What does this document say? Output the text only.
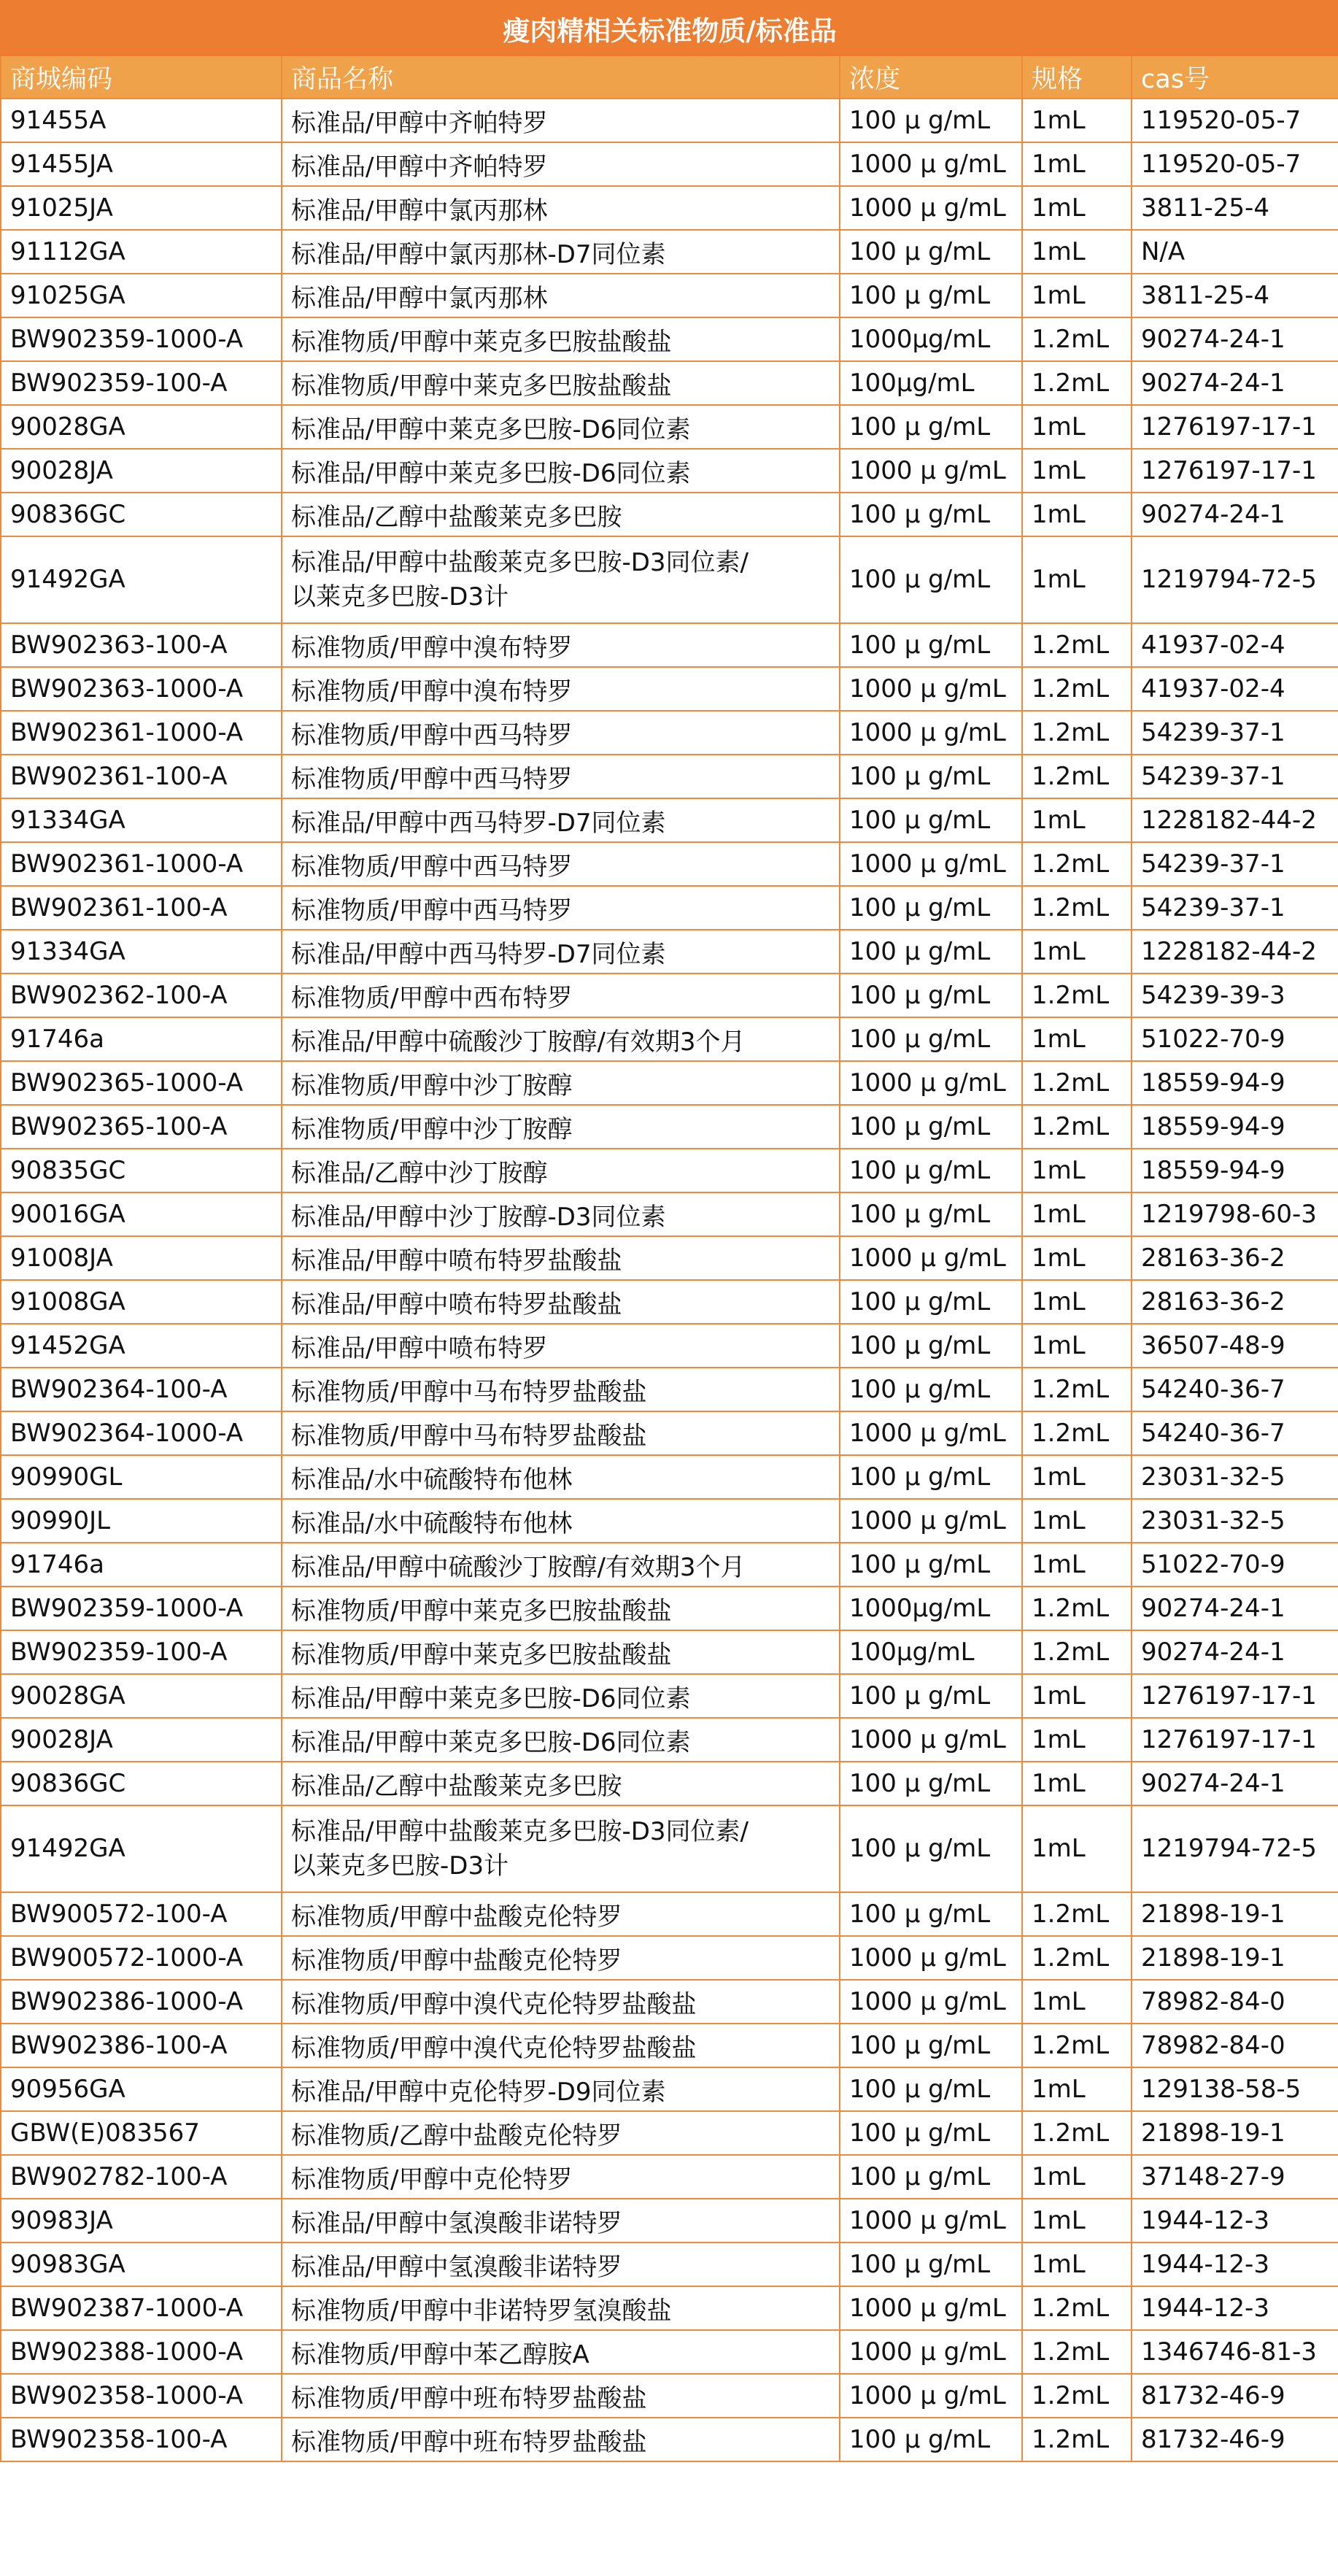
瘦肉精相关标准物质/标准品				
商城编码	商品名称	浓度	规格	cas号
91455A	标准品/甲醇中齐帕特罗	100 μ g/mL	1mL	119520-05-7
91455JA	标准品/甲醇中齐帕特罗	1000 μ g/mL	1mL	119520-05-7
91025JA	标准品/甲醇中氯丙那林	1000 μ g/mL	1mL	3811-25-4
91112GA	标准品/甲醇中氯丙那林-D7同位素	100 μ g/mL	1mL	N/A
91025GA	标准品/甲醇中氯丙那林	100 μ g/mL	1mL	3811-25-4
BW902359-1000-A	标准物质/甲醇中莱克多巴胺盐酸盐	1000μg/mL	1.2mL	90274-24-1
BW902359-100-A	标准物质/甲醇中莱克多巴胺盐酸盐	100μg/mL	1.2mL	90274-24-1
90028GA	标准品/甲醇中莱克多巴胺-D6同位素	100 μ g/mL	1mL	1276197-17-1
90028JA	标准品/甲醇中莱克多巴胺-D6同位素	1000 μ g/mL	1mL	1276197-17-1
90836GC	标准品/乙醇中盐酸莱克多巴胺	100 μ g/mL	1mL	90274-24-1
91492GA	标准品/甲醇中盐酸莱克多巴胺-D3同位素/
以莱克多巴胺-D3计	100 μ g/mL	1mL	1219794-72-5
BW902363-100-A	标准物质/甲醇中溴布特罗	100 μ g/mL	1.2mL	41937-02-4
BW902363-1000-A	标准物质/甲醇中溴布特罗	1000 μ g/mL	1.2mL	41937-02-4
BW902361-1000-A	标准物质/甲醇中西马特罗	1000 μ g/mL	1.2mL	54239-37-1
BW902361-100-A	标准物质/甲醇中西马特罗	100 μ g/mL	1.2mL	54239-37-1
91334GA	标准品/甲醇中西马特罗-D7同位素	100 μ g/mL	1mL	1228182-44-2
BW902361-1000-A	标准物质/甲醇中西马特罗	1000 μ g/mL	1.2mL	54239-37-1
BW902361-100-A	标准物质/甲醇中西马特罗	100 μ g/mL	1.2mL	54239-37-1
91334GA	标准品/甲醇中西马特罗-D7同位素	100 μ g/mL	1mL	1228182-44-2
BW902362-100-A	标准物质/甲醇中西布特罗	100 μ g/mL	1.2mL	54239-39-3
91746a	标准品/甲醇中硫酸沙丁胺醇/有效期3个月	100 μ g/mL	1mL	51022-70-9
BW902365-1000-A	标准物质/甲醇中沙丁胺醇	1000 μ g/mL	1.2mL	18559-94-9
BW902365-100-A	标准物质/甲醇中沙丁胺醇	100 μ g/mL	1.2mL	18559-94-9
90835GC	标准品/乙醇中沙丁胺醇	100 μ g/mL	1mL	18559-94-9
90016GA	标准品/甲醇中沙丁胺醇-D3同位素	100 μ g/mL	1mL	1219798-60-3
91008JA	标准品/甲醇中喷布特罗盐酸盐	1000 μ g/mL	1mL	28163-36-2
91008GA	标准品/甲醇中喷布特罗盐酸盐	100 μ g/mL	1mL	28163-36-2
91452GA	标准品/甲醇中喷布特罗	100 μ g/mL	1mL	36507-48-9
BW902364-100-A	标准物质/甲醇中马布特罗盐酸盐	100 μ g/mL	1.2mL	54240-36-7
BW902364-1000-A	标准物质/甲醇中马布特罗盐酸盐	1000 μ g/mL	1.2mL	54240-36-7
90990GL	标准品/水中硫酸特布他林	100 μ g/mL	1mL	23031-32-5
90990JL	标准品/水中硫酸特布他林	1000 μ g/mL	1mL	23031-32-5
91746a	标准品/甲醇中硫酸沙丁胺醇/有效期3个月	100 μ g/mL	1mL	51022-70-9
BW902359-1000-A	标准物质/甲醇中莱克多巴胺盐酸盐	1000μg/mL	1.2mL	90274-24-1
BW902359-100-A	标准物质/甲醇中莱克多巴胺盐酸盐	100μg/mL	1.2mL	90274-24-1
90028GA	标准品/甲醇中莱克多巴胺-D6同位素	100 μ g/mL	1mL	1276197-17-1
90028JA	标准品/甲醇中莱克多巴胺-D6同位素	1000 μ g/mL	1mL	1276197-17-1
90836GC	标准品/乙醇中盐酸莱克多巴胺	100 μ g/mL	1mL	90274-24-1
91492GA	标准品/甲醇中盐酸莱克多巴胺-D3同位素/
以莱克多巴胺-D3计	100 μ g/mL	1mL	1219794-72-5
BW900572-100-A	标准物质/甲醇中盐酸克伦特罗	100 μ g/mL	1.2mL	21898-19-1
BW900572-1000-A	标准物质/甲醇中盐酸克伦特罗	1000 μ g/mL	1.2mL	21898-19-1
BW902386-1000-A	标准物质/甲醇中溴代克伦特罗盐酸盐	1000 μ g/mL	1mL	78982-84-0
BW902386-100-A	标准物质/甲醇中溴代克伦特罗盐酸盐	100 μ g/mL	1.2mL	78982-84-0
90956GA	标准品/甲醇中克伦特罗-D9同位素	100 μ g/mL	1mL	129138-58-5
GBW(E)083567	标准物质/乙醇中盐酸克伦特罗	100 μ g/mL	1.2mL	21898-19-1
BW902782-100-A	标准物质/甲醇中克伦特罗	100 μ g/mL	1mL	37148-27-9
90983JA	标准品/甲醇中氢溴酸非诺特罗	1000 μ g/mL	1mL	1944-12-3
90983GA	标准品/甲醇中氢溴酸非诺特罗	100 μ g/mL	1mL	1944-12-3
BW902387-1000-A	标准物质/甲醇中非诺特罗氢溴酸盐	1000 μ g/mL	1.2mL	1944-12-3
BW902388-1000-A	标准物质/甲醇中苯乙醇胺A	1000 μ g/mL	1.2mL	1346746-81-3
BW902358-1000-A	标准物质/甲醇中班布特罗盐酸盐	1000 μ g/mL	1.2mL	81732-46-9
BW902358-100-A	标准物质/甲醇中班布特罗盐酸盐	100 μ g/mL	1.2mL	81732-46-9
